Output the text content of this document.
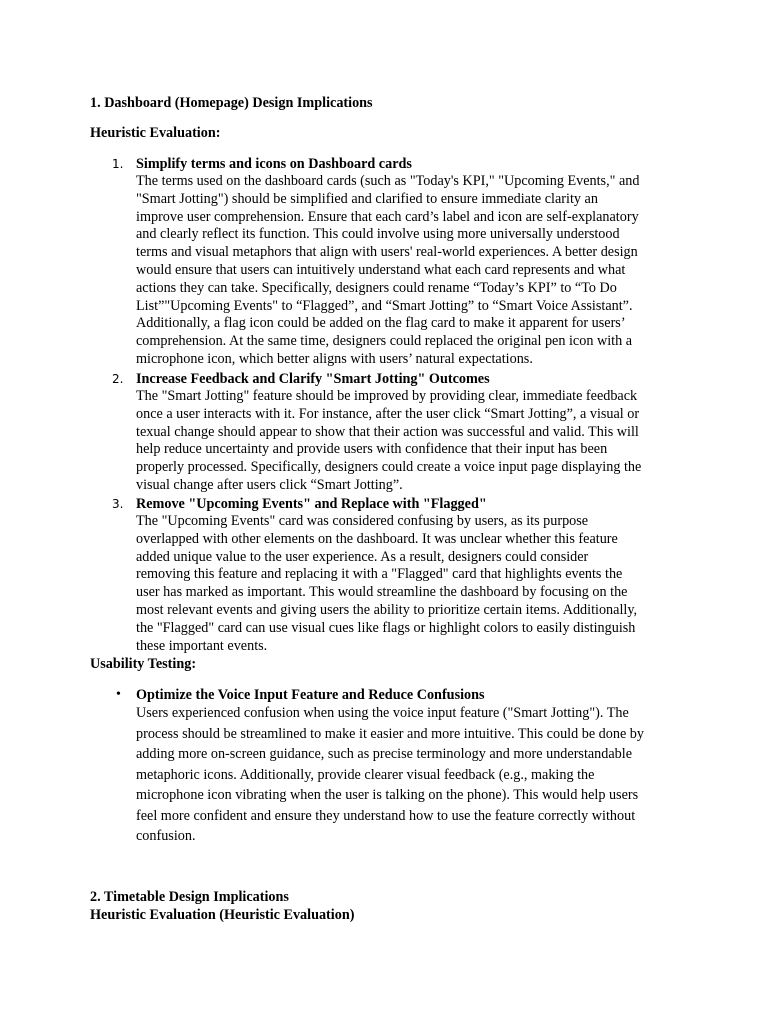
1. Dashboard (Homepage) Design Implications
Heuristic Evaluation:
1. Simplify terms and icons on Dashboard cards
The terms used on the dashboard cards (such as "Today's KPI," "Upcoming Events," and
"Smart Jotting") should be simplified and clarified to ensure immediate clarity an
improve user comprehension. Ensure that each card’s label and icon are self-explanatory
and clearly reflect its function. This could involve using more universally understood
terms and visual metaphors that align with users' real-world experiences. A better design
would ensure that users can intuitively understand what each card represents and what
actions they can take. Specifically, designers could rename “Today’s KPI” to “To Do
List”"Upcoming Events" to “Flagged”, and “Smart Jotting” to “Smart Voice Assistant”.
Additionally, a flag icon could be added on the flag card to make it apparent for users’
comprehension. At the same time, designers could replaced the original pen icon with a
microphone icon, which better aligns with users’ natural expectations.
2. Increase Feedback and Clarify "Smart Jotting" Outcomes
The "Smart Jotting" feature should be improved by providing clear, immediate feedback
once a user interacts with it. For instance, after the user click “Smart Jotting”, a visual or
texual change should appear to show that their action was successful and valid. This will
help reduce uncertainty and provide users with confidence that their input has been
properly processed. Specifically, designers could create a voice input page displaying the
visual change after users click “Smart Jotting”.
3. Remove "Upcoming Events" and Replace with "Flagged"
The "Upcoming Events" card was considered confusing by users, as its purpose
overlapped with other elements on the dashboard. It was unclear whether this feature
added unique value to the user experience. As a result, designers could consider
removing this feature and replacing it with a "Flagged" card that highlights events the
user has marked as important. This would streamline the dashboard by focusing on the
most relevant events and giving users the ability to prioritize certain items. Additionally,
the "Flagged" card can use visual cues like flags or highlight colors to easily distinguish
these important events.
Usability Testing:
• Optimize the Voice Input Feature and Reduce Confusions
Users experienced confusion when using the voice input feature ("Smart Jotting"). The
process should be streamlined to make it easier and more intuitive. This could be done by
adding more on-screen guidance, such as precise terminology and more understandable
metaphoric icons. Additionally, provide clearer visual feedback (e.g., making the
microphone icon vibrating when the user is talking on the phone). This would help users
feel more confident and ensure they understand how to use the feature correctly without
confusion.
2. Timetable Design Implications
Heuristic Evaluation (Heuristic Evaluation)
